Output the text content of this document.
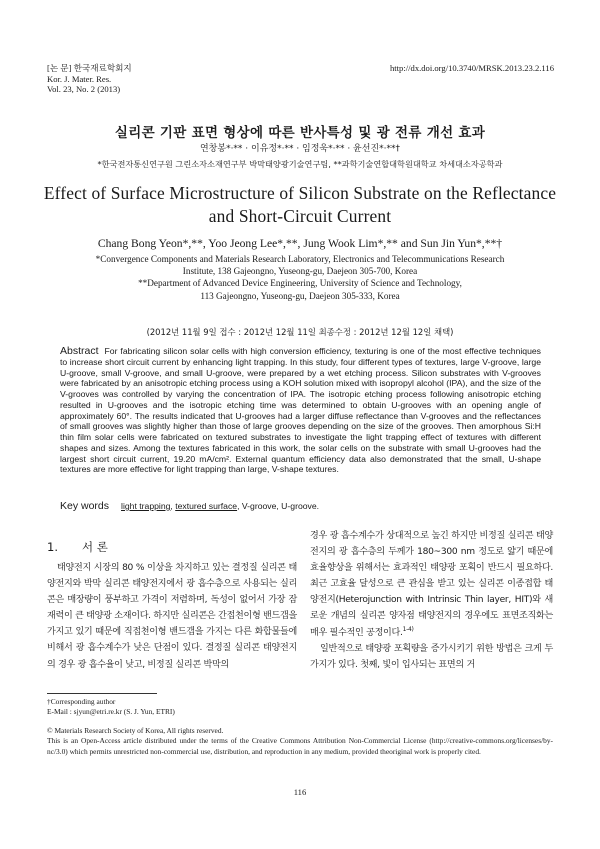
[논 문] 한국재료학회지
Kor. J. Mater. Res.
Vol. 23, No. 2 (2013)
http://dx.doi.org/10.3740/MRSK.2013.23.2.116
실리콘 기판 표면 형상에 따른 반사특성 및 광 전류 개선 효과
연창봉*·** · 이유정*·** · 임정욱*·** · 윤선진*·**†
*한국전자통신연구원 그린소자소재연구부 박막태양광기술연구팀, **과학기술연합대학원대학교 차세대소자공학과
Effect of Surface Microstructure of Silicon Substrate on the Reflectance and Short-Circuit Current
Chang Bong Yeon*,**, Yoo Jeong Lee*,**, Jung Wook Lim*,** and Sun Jin Yun*,**†
*Convergence Components and Materials Research Laboratory, Electronics and Telecommunications Research
Institute, 138 Gajeongno, Yuseong-gu, Daejeon 305-700, Korea
**Department of Advanced Device Engineering, University of Science and Technology,
113 Gajeongno, Yuseong-gu, Daejeon 305-333, Korea
(2012년 11월 9일 접수 : 2012년 12월 11일 최종수정 : 2012년 12월 12일 채택)
Abstract For fabricating silicon solar cells with high conversion efficiency, texturing is one of the most effective techniques to increase short circuit current by enhancing light trapping. In this study, four different types of textures, large V-groove, large U-groove, small V-groove, and small U-groove, were prepared by a wet etching process. Silicon substrates with V-grooves were fabricated by an anisotropic etching process using a KOH solution mixed with isopropyl alcohol (IPA), and the size of the V-grooves was controlled by varying the concentration of IPA. The isotropic etching process following anisotropic etching resulted in U-grooves and the isotropic etching time was determined to obtain U-grooves with an opening angle of approximately 60°. The results indicated that U-grooves had a larger diffuse reflectance than V-grooves and the reflectances of small grooves was slightly higher than those of large grooves depending on the size of the grooves. Then amorphous Si:H thin film solar cells were fabricated on textured substrates to investigate the light trapping effect of textures with different shapes and sizes. Among the textures fabricated in this work, the solar cells on the substrate with small U-grooves had the largest short circuit current, 19.20 mA/cm². External quantum efficiency data also demonstrated that the small, U-shape textures are more effective for light trapping than large, V-shape textures.
Key words light trapping, textured surface, V-groove, U-groove.
1. 서 론
태양전지 시장의 80 % 이상을 차지하고 있는 결정질 실리콘 태양전지와 박막 실리콘 태양전지에서 광 흡수층으로 사용되는 실리콘은 매장량이 풍부하고 가격이 저렴하며, 독성이 없어서 가장 잠재력이 큰 태양광 소재이다. 하지만 실리콘은 간접천이형 밴드갭을 가지고 있기 때문에 직접천이형 밴드갭을 가지는 다른 화합물들에 비해서 광 흡수계수가 낮은 단점이 있다. 결정질 실리콘 태양전지의 경우 광 흡수율이 낮고, 비정질 실리콘 박막의

경우 광 흡수계수가 상대적으로 높긴 하지만 비정질 실리콘 태양전지의 광 흡수층의 두께가 180~300 nm 정도로 얇기 때문에 효율향상을 위해서는 효과적인 태양광 포획이 반드시 필요하다. 최근 고효율 달성으로 큰 관심을 받고 있는 실리콘 이종접합 태양전지(Heterojunction with Intrinsic Thin layer, HIT)와 새로운 개념의 실리콘 양자점 태양전지의 경우에도 표면조직화는 매우 필수적인 공정이다.$^{1-4)}$

일반적으로 태양광 포획량을 증가시키기 위한 방법은 크게 두 가지가 있다. 첫째, 빛이 입사되는 표면의 거

†Corresponding author
E-Mail : sjyun@etri.re.kr (S. J. Yun, ETRI)
© Materials Research Society of Korea, All rights reserved.
This is an Open-Access article distributed under the terms of the Creative Commons Attribution Non-Commercial License (http://creative-commons.org/licenses/by-nc/3.0) which permits unrestricted non-commercial use, distribution, and reproduction in any medium, provided theoriginal work is properly cited.
116
